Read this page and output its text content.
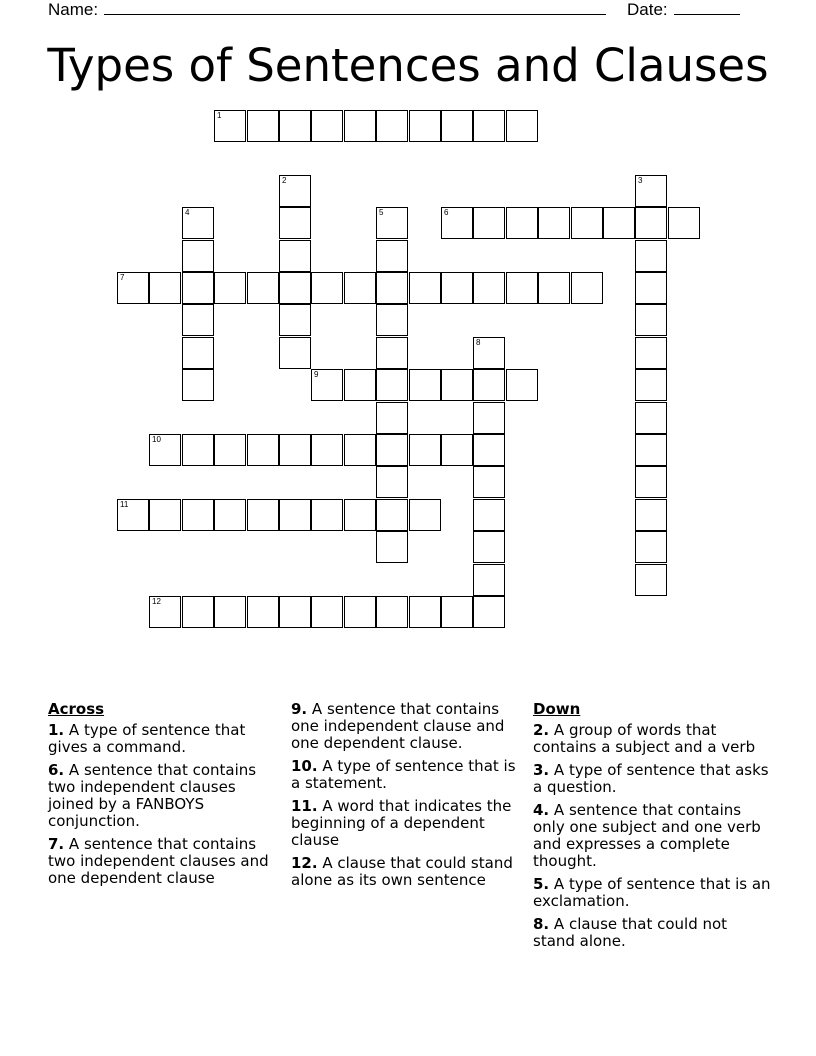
Name:	Date:
Types of Sentences and Clauses
1
2	3
4	5	6
7
8
9
10
11
12
Across
1. A type of sentence that gives a command.
6. A sentence that contains two independent clauses joined by a FANBOYS conjunction.
7. A sentence that contains two independent clauses and one dependent clause
9. A sentence that contains one independent clause and one dependent clause.
10. A type of sentence that is a statement.
11. A word that indicates the beginning of a dependent clause
12. A clause that could stand alone as its own sentence
Down
2. A group of words that contains a subject and a verb
3. A type of sentence that asks a question.
4. A sentence that contains only one subject and one verb and expresses a complete thought.
5. A type of sentence that is an exclamation.
8. A clause that could not stand alone.
